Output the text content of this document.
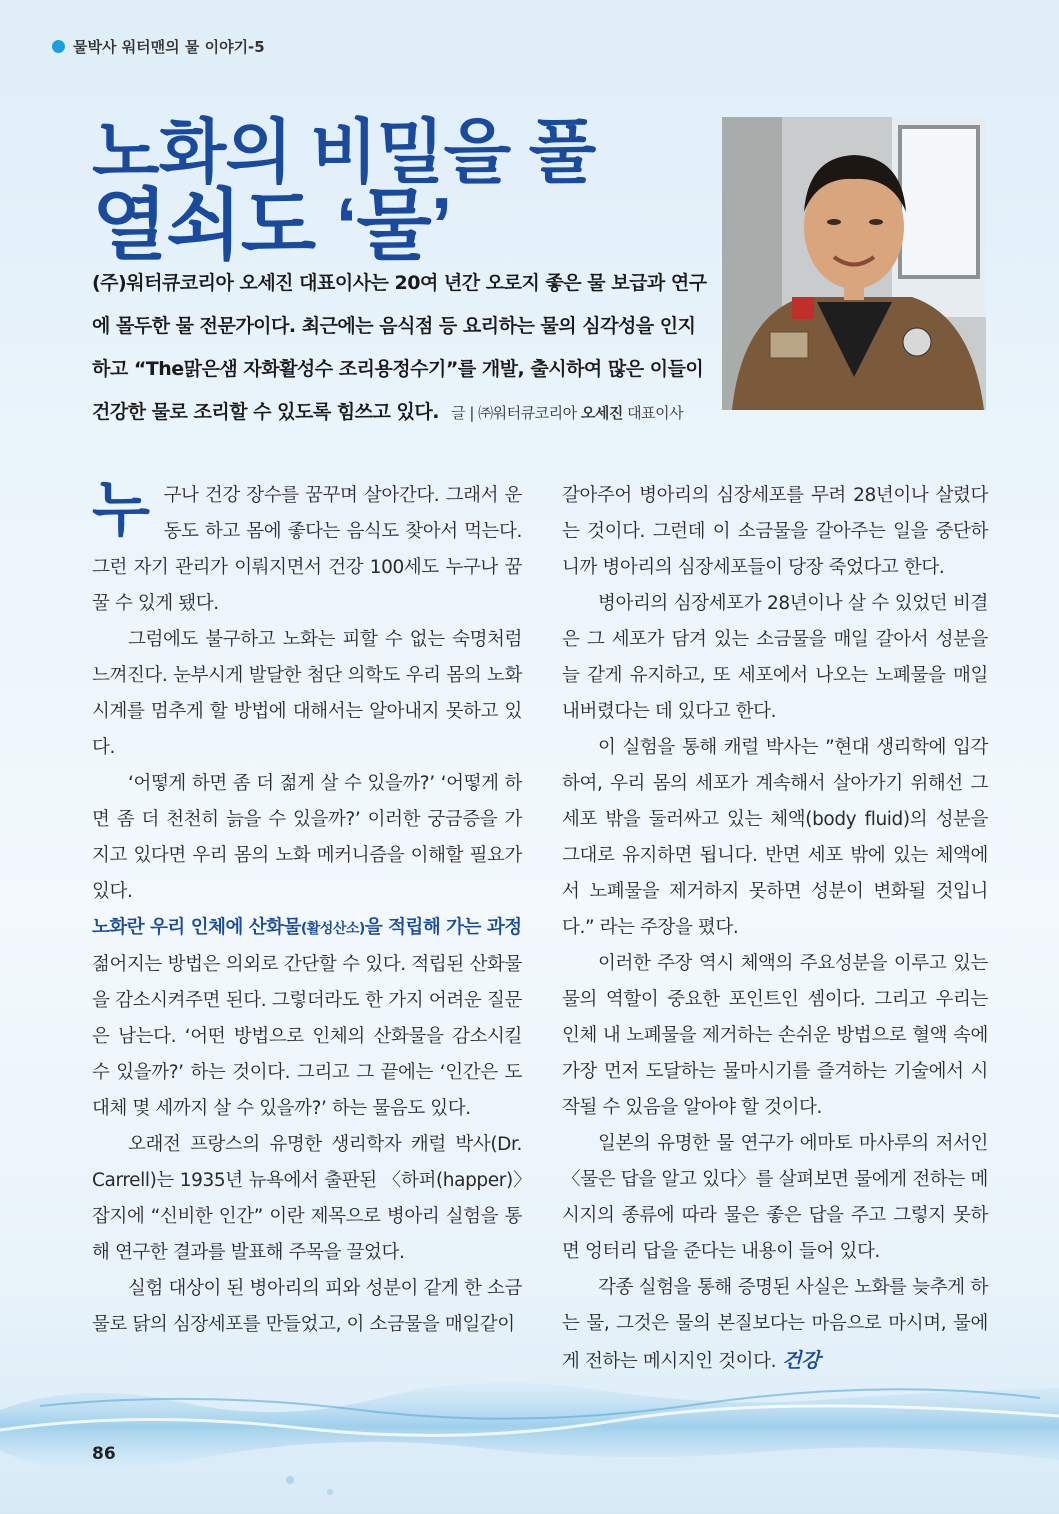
물박사 워터맨의 물 이야기-5
노화의 비밀을 풀
열쇠도 ‘물’
(주)워터큐코리아 오세진 대표이사는 20여 년간 오로지 좋은 물 보급과 연구에 몰두한 물 전문가이다. 최근에는 음식점 등 요리하는 물의 심각성을 인지하고 “The맑은샘 자화활성수 조리용정수기”를 개발, 출시하여 많은 이들이 건강한 물로 조리할 수 있도록 힘쓰고 있다. 글 | ㈜워터큐코리아 오세진 대표이사

누구나 건강 장수를 꿈꾸며 살아간다. 그래서 운동도 하고 몸에 좋다는 음식도 찾아서 먹는다. 그런 자기 관리가 이뤄지면서 건강 100세도 누구나 꿈꿀 수 있게 됐다.

그럼에도 불구하고 노화는 피할 수 없는 숙명처럼 느껴진다. 눈부시게 발달한 첨단 의학도 우리 몸의 노화시계를 멈추게 할 방법에 대해서는 알아내지 못하고 있다.

‘어떻게 하면 좀 더 젊게 살 수 있을까?’ ‘어떻게 하면 좀 더 천천히 늙을 수 있을까?’ 이러한 궁금증을 가지고 있다면 우리 몸의 노화 메커니즘을 이해할 필요가 있다.

노화란 우리 인체에 산화물(활성산소)을 적립해 가는 과정

젊어지는 방법은 의외로 간단할 수 있다. 적립된 산화물을 감소시켜주면 된다. 그렇더라도 한 가지 어려운 질문은 남는다. ‘어떤 방법으로 인체의 산화물을 감소시킬 수 있을까?’ 하는 것이다. 그리고 그 끝에는 ‘인간은 도대체 몇 세까지 살 수 있을까?’ 하는 물음도 있다.

오래전 프랑스의 유명한 생리학자 캐럴 박사(Dr. Carrell)는 1935년 뉴욕에서 출판된 〈하퍼(happer)〉잡지에 “신비한 인간” 이란 제목으로 병아리 실험을 통해 연구한 결과를 발표해 주목을 끌었다.

실험 대상이 된 병아리의 피와 성분이 같게 한 소금물로 닭의 심장세포를 만들었고, 이 소금물을 매일같이

갈아주어 병아리의 심장세포를 무려 28년이나 살렸다는 것이다. 그런데 이 소금물을 갈아주는 일을 중단하니까 병아리의 심장세포들이 당장 죽었다고 한다.

병아리의 심장세포가 28년이나 살 수 있었던 비결은 그 세포가 담겨 있는 소금물을 매일 갈아서 성분을 늘 같게 유지하고, 또 세포에서 나오는 노폐물을 매일 내버렸다는 데 있다고 한다.

이 실험을 통해 캐럴 박사는 ”현대 생리학에 입각하여, 우리 몸의 세포가 계속해서 살아가기 위해선 그 세포 밖을 둘러싸고 있는 체액(body fluid)의 성분을 그대로 유지하면 됩니다. 반면 세포 밖에 있는 체액에서 노폐물을 제거하지 못하면 성분이 변화될 것입니다.” 라는 주장을 폈다.

이러한 주장 역시 체액의 주요성분을 이루고 있는 물의 역할이 중요한 포인트인 셈이다. 그리고 우리는 인체 내 노폐물을 제거하는 손쉬운 방법으로 혈액 속에 가장 먼저 도달하는 물마시기를 즐겨하는 기술에서 시작될 수 있음을 알아야 할 것이다.

일본의 유명한 물 연구가 에마토 마사루의 저서인 〈물은 답을 알고 있다〉를 살펴보면 물에게 전하는 메시지의 종류에 따라 물은 좋은 답을 주고 그렇지 못하면 엉터리 답을 준다는 내용이 들어 있다.

각종 실험을 통해 증명된 사실은 노화를 늦추게 하는 물, 그것은 물의 본질보다는 마음으로 마시며, 물에게 전하는 메시지인 것이다. 건강

86
